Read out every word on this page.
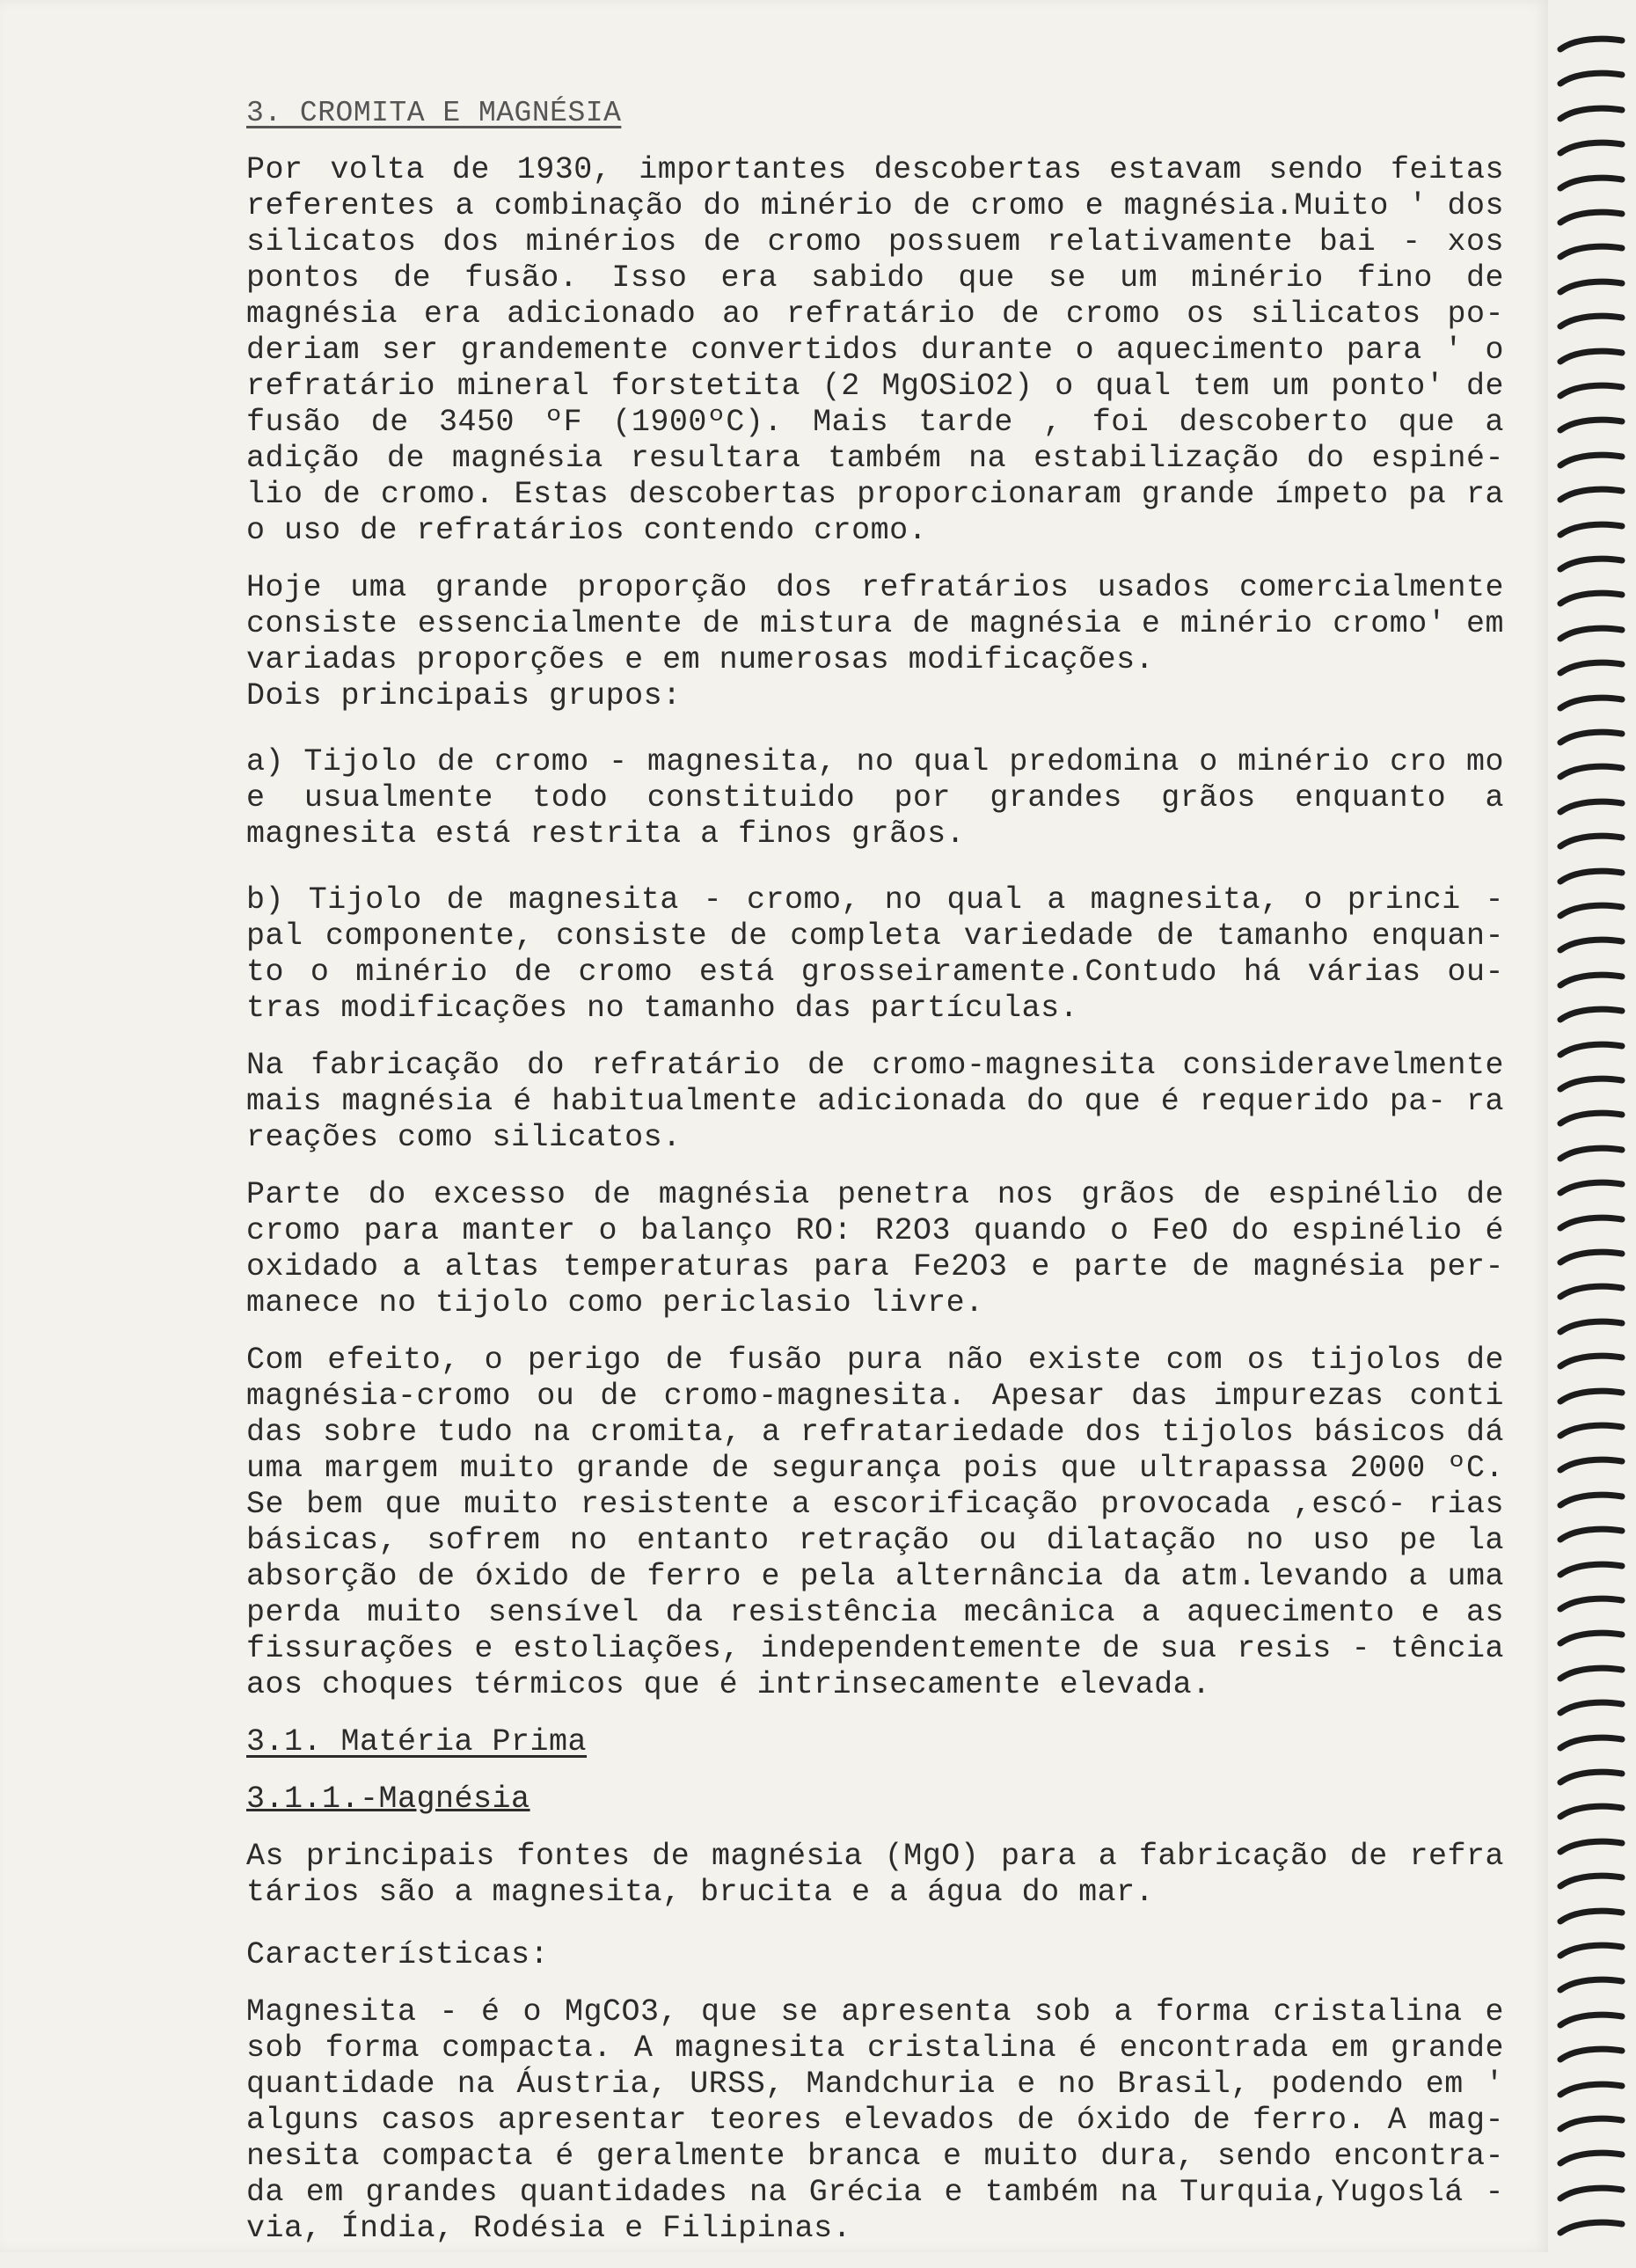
3. CROMITA E MAGNÉSIA

Por volta de 1930, importantes descobertas estavam sendo feitas referentes a combinação do minério de cromo e magnésia.Muito ' dos silicatos dos minérios de cromo possuem relativamente bai - xos pontos de fusão. Isso era sabido que se um minério fino de magnésia era adicionado ao refratário de cromo os silicatos po- deriam ser grandemente convertidos durante o aquecimento para ' o refratário mineral forstetita (2 MgOSiO2) o qual tem um ponto' de fusão de 3450 ºF (1900ºC). Mais tarde , foi descoberto que a adição de magnésia resultara também na estabilização do espiné- lio de cromo. Estas descobertas proporcionaram grande ímpeto pa ra o uso de refratários contendo cromo.

Hoje uma grande proporção dos refratários usados comercialmente consiste essencialmente de mistura de magnésia e minério cromo' em variadas proporções e em numerosas modificações.
Dois principais grupos:

a) Tijolo de cromo - magnesita, no qual predomina o minério cro mo e usualmente todo constituido por grandes grãos enquanto a magnesita está restrita a finos grãos.

b) Tijolo de magnesita - cromo, no qual a magnesita, o princi - pal componente, consiste de completa variedade de tamanho enquan- to o minério de cromo está grosseiramente.Contudo há várias ou- tras modificações no tamanho das partículas.

Na fabricação do refratário de cromo-magnesita consideravelmente mais magnésia é habitualmente adicionada do que é requerido pa- ra reações como silicatos.

Parte do excesso de magnésia penetra nos grãos de espinélio de cromo para manter o balanço RO: R2O3 quando o FeO do espinélio é oxidado a altas temperaturas para Fe2O3 e parte de magnésia per- manece no tijolo como periclasio livre.

Com efeito, o perigo de fusão pura não existe com os tijolos de magnésia-cromo ou de cromo-magnesita. Apesar das impurezas conti das sobre tudo na cromita, a refratariedade dos tijolos básicos dá uma margem muito grande de segurança pois que ultrapassa 2000 ºC. Se bem que muito resistente a escorificação provocada ,escó- rias básicas, sofrem no entanto retração ou dilatação no uso pe la absorção de óxido de ferro e pela alternância da atm.levando a uma perda muito sensível da resistência mecânica a aquecimento e as fissurações e estoliações, independentemente de sua resis - tência aos choques térmicos que é intrinsecamente elevada.

3.1. Matéria Prima

3.1.1.-Magnésia

As principais fontes de magnésia (MgO) para a fabricação de refra tários são a magnesita, brucita e a água do mar.

Características:

Magnesita - é o MgCO3, que se apresenta sob a forma cristalina e sob forma compacta. A magnesita cristalina é encontrada em grande quantidade na Áustria, URSS, Mandchuria e no Brasil, podendo em ' alguns casos apresentar teores elevados de óxido de ferro. A mag- nesita compacta é geralmente branca e muito dura, sendo encontra- da em grandes quantidades na Grécia e também na Turquia,Yugoslá - via, Índia, Rodésia e Filipinas.
